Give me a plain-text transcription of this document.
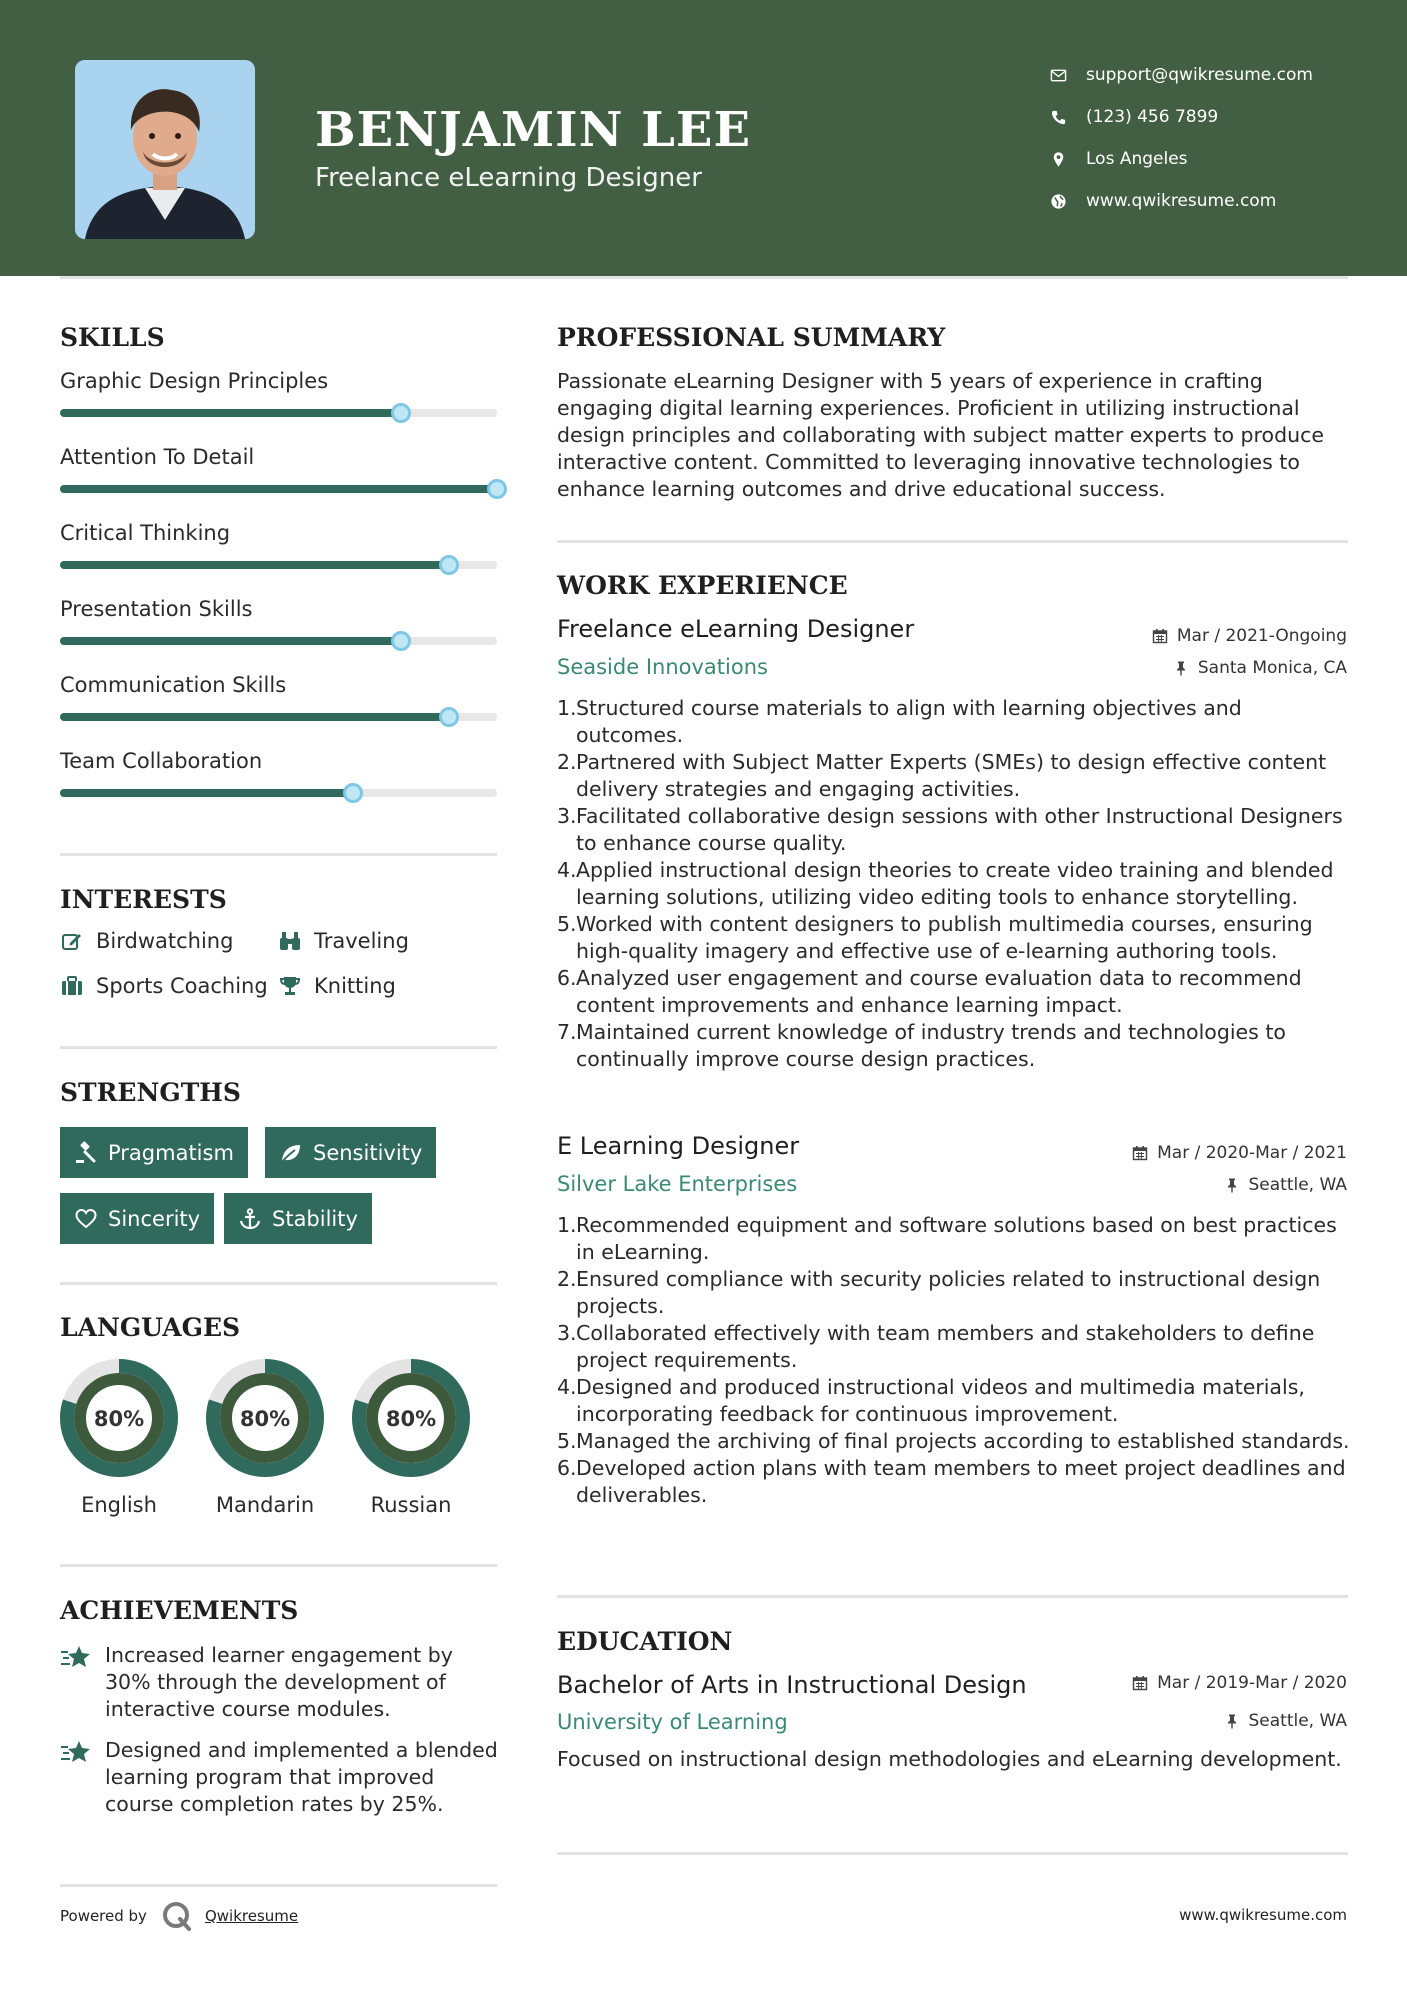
BENJAMIN LEE
Freelance eLearning Designer
support@qwikresume.com
(123) 456 7899
Los Angeles
www.qwikresume.com
SKILLS
Graphic Design Principles
Attention To Detail
Critical Thinking
Presentation Skills
Communication Skills
Team Collaboration
INTERESTS
Birdwatching	Traveling
Sports Coaching Knitting
STRENGTHS
Pragmatism	Sensitivity
Sincerity	Stability
LANGUAGES
80%
English
80%
Mandarin
80%
Russian
ACHIEVEMENTS
Increased learner engagement by 30% through the development of interactive course modules.
Designed and implemented a blended learning program that improved course completion rates by 25%.
PROFESSIONAL SUMMARY
Passionate eLearning Designer with 5 years of experience in crafting engaging digital learning experiences. Proficient in utilizing instructional design principles and collaborating with subject matter experts to produce interactive content. Committed to leveraging innovative technologies to enhance learning outcomes and drive educational success.
WORK EXPERIENCE
Freelance eLearning Designer	Mar / 2021-Ongoing
Seaside Innovations	Santa Monica, CA
1. Structured course materials to align with learning objectives and outcomes.
2. Partnered with Subject Matter Experts (SMEs) to design effective content delivery strategies and engaging activities.
3. Facilitated collaborative design sessions with other Instructional Designers to enhance course quality.
4. Applied instructional design theories to create video training and blended learning solutions, utilizing video editing tools to enhance storytelling.
5. Worked with content designers to publish multimedia courses, ensuring high-quality imagery and effective use of e-learning authoring tools.
6. Analyzed user engagement and course evaluation data to recommend content improvements and enhance learning impact.
7. Maintained current knowledge of industry trends and technologies to continually improve course design practices.
E Learning Designer	Mar / 2020-Mar / 2021
Silver Lake Enterprises	Seattle, WA
1. Recommended equipment and software solutions based on best practices in eLearning.
2. Ensured compliance with security policies related to instructional design projects.
3. Collaborated effectively with team members and stakeholders to define project requirements.
4. Designed and produced instructional videos and multimedia materials, incorporating feedback for continuous improvement.
5. Managed the archiving of final projects according to established standards.
6. Developed action plans with team members to meet project deadlines and deliverables.
EDUCATION
Bachelor of Arts in Instructional Design	Mar / 2019-Mar / 2020
University of Learning	Seattle, WA
Focused on instructional design methodologies and eLearning development.
Powered by	Qwikresume	www.qwikresume.com
